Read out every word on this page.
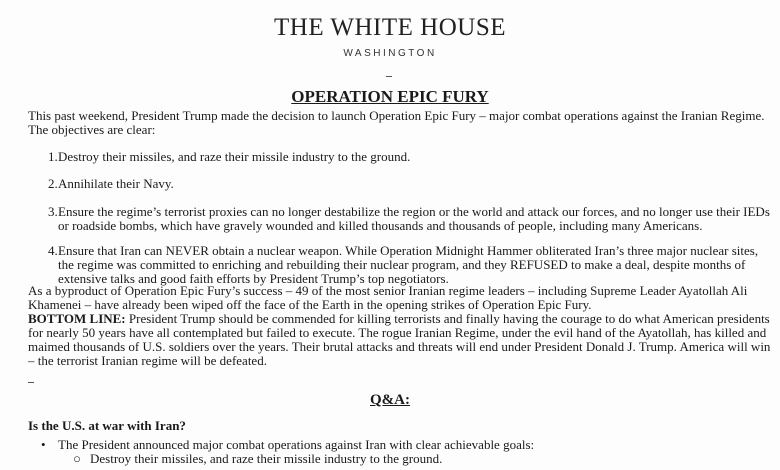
THE WHITE HOUSE
WASHINGTON
OPERATION EPIC FURY
This past weekend, President Trump made the decision to launch Operation Epic Fury – major combat operations against the Iranian Regime.
The objectives are clear:
1. Destroy their missiles, and raze their missile industry to the ground.
2. Annihilate their Navy.
3. Ensure the regime’s terrorist proxies can no longer destabilize the region or the world and attack our forces, and no longer use their IEDs
or roadside bombs, which have gravely wounded and killed thousands and thousands of people, including many Americans.
4. Ensure that Iran can NEVER obtain a nuclear weapon. While Operation Midnight Hammer obliterated Iran’s three major nuclear sites,
the regime was committed to enriching and rebuilding their nuclear program, and they REFUSED to make a deal, despite months of
extensive talks and good faith efforts by President Trump’s top negotiators.
As a byproduct of Operation Epic Fury’s success – 49 of the most senior Iranian regime leaders – including Supreme Leader Ayatollah Ali
Khamenei – have already been wiped off the face of the Earth in the opening strikes of Operation Epic Fury.
BOTTOM LINE: President Trump should be commended for killing terrorists and finally having the courage to do what American presidents
for nearly 50 years have all contemplated but failed to execute. The rogue Iranian Regime, under the evil hand of the Ayatollah, has killed and
maimed thousands of U.S. soldiers over the years. Their brutal attacks and threats will end under President Donald J. Trump. America will win
– the terrorist Iranian regime will be defeated.
Q&A:
Is the U.S. at war with Iran?
• The President announced major combat operations against Iran with clear achievable goals:
○ Destroy their missiles, and raze their missile industry to the ground.
